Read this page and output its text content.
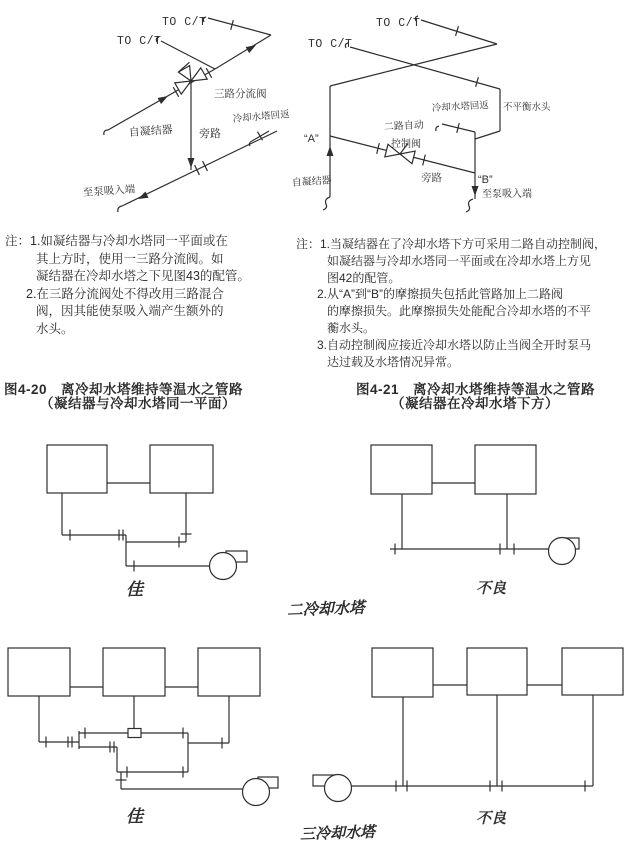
TO C/T
TO C/T
三路分流阀
自凝结器 旁路
冷却水塔回返
至泵吸入端
TO C/T
TO C/T
冷却水塔回返 不平衡水头
二路自动
控制阀
“A”
自凝结器	旁路	“B”
至泵吸入端
注：1.如凝结器与冷却水塔同一平面或在
其上方时，使用一三路分流阀。如
凝结器在冷却水塔之下见图43的配管。
2.在三路分流阀处不得改用三路混合
阀，因其能使泵吸入端产生额外的
水头。
注：1.当凝结器在了冷却水塔下方可采用二路自动控制阀，
如凝结器与冷却水塔同一平面或在冷却水塔上方见
图42的配管。
2.从“A”到“B”的摩擦损失包括此管路加上二路阀
的摩擦损失。此摩擦损失处能配合冷却水塔的不平
蘅水头。
3.自动控制阀应接近冷却水塔以防止当阀全开时泵马
达过载及水塔情况异常。
图4-20　离冷却水塔维持等温水之管路
（凝结器与冷却水塔同一平面）
图4-21　离冷却水塔维持等温水之管路
（凝结器在冷却水塔下方）
佳	不良
二冷却水塔
佳	不良
三冷却水塔
